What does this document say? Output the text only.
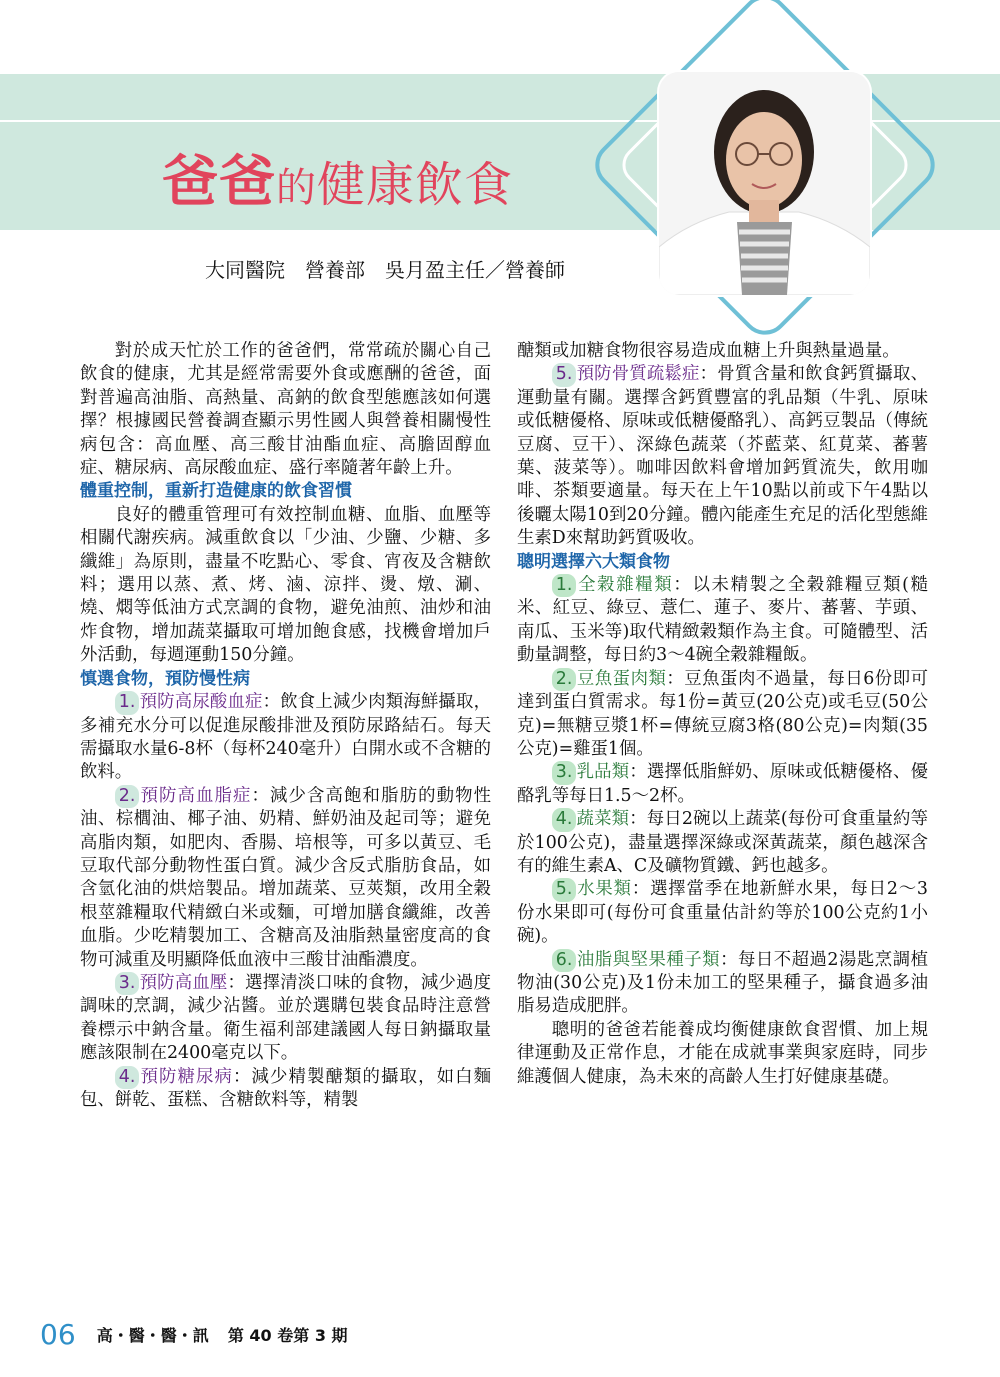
爸爸的健康飲食
大同醫院　營養部　吳月盈主任／營養師

對於成天忙於工作的爸爸們，常常疏於關心自己飲食的健康，尤其是經常需要外食或應酬的爸爸，面對普遍高油脂、高熱量、高鈉的飲食型態應該如何選擇？根據國民營養調查顯示男性國人與營養相關慢性病包含：高血壓、高三酸甘油酯血症、高膽固醇血症、糖尿病、高尿酸血症、盛行率隨著年齡上升。

體重控制，重新打造健康的飲食習慣

良好的體重管理可有效控制血糖、血脂、血壓等相關代謝疾病。減重飲食以「少油、少鹽、少糖、多纖維」為原則，盡量不吃點心、零食、宵夜及含糖飲料；選用以蒸、煮、烤、滷、涼拌、燙、燉、涮、燒、燜等低油方式烹調的食物，避免油煎、油炒和油炸食物，增加蔬菜攝取可增加飽食感，找機會增加戶外活動，每週運動150分鐘。

慎選食物，預防慢性病

1. 預防高尿酸血症：飲食上減少肉類海鮮攝取，多補充水分可以促進尿酸排泄及預防尿路結石。每天需攝取水量6-8杯（每杯240毫升）白開水或不含糖的飲料。

2. 預防高血脂症：減少含高飽和脂肪的動物性油、棕櫚油、椰子油、奶精、鮮奶油及起司等；避免高脂肉類，如肥肉、香腸、培根等，可多以黃豆、毛豆取代部分動物性蛋白質。減少含反式脂肪食品，如含氫化油的烘焙製品。增加蔬菜、豆莢類，改用全穀根莖雜糧取代精緻白米或麵，可增加膳食纖維，改善血脂。少吃精製加工、含糖高及油脂熱量密度高的食物可減重及明顯降低血液中三酸甘油酯濃度。

3. 預防高血壓：選擇清淡口味的食物，減少過度調味的烹調，減少沾醬。並於選購包裝食品時注意營養標示中鈉含量。衛生福利部建議國人每日鈉攝取量應該限制在2400毫克以下。

4. 預防糖尿病：減少精製醣類的攝取，如白麵包、餅乾、蛋糕、含糖飲料等，精製

醣類或加糖食物很容易造成血糖上升與熱量過量。

5. 預防骨質疏鬆症：骨質含量和飲食鈣質攝取、運動量有關。選擇含鈣質豐富的乳品類（牛乳、原味或低糖優格、原味或低糖優酪乳）、高鈣豆製品（傳統豆腐、豆干）、深綠色蔬菜（芥藍菜、紅莧菜、蕃薯葉、菠菜等）。咖啡因飲料會增加鈣質流失，飲用咖啡、茶類要適量。每天在上午10點以前或下午4點以後曬太陽10到20分鐘。體內能產生充足的活化型態維生素D來幫助鈣質吸收。

聰明選擇六大類食物

1. 全穀雜糧類：以未精製之全穀雜糧豆類(糙米、紅豆、綠豆、薏仁、蓮子、麥片、蕃薯、芋頭、南瓜、玉米等)取代精緻穀類作為主食。可隨體型、活動量調整，每日約3～4碗全穀雜糧飯。

2. 豆魚蛋肉類：豆魚蛋肉不過量，每日6份即可達到蛋白質需求。每1份=黃豆(20公克)或毛豆(50公克)=無糖豆漿1杯=傳統豆腐3格(80公克)=肉類(35公克)=雞蛋1個。

3. 乳品類：選擇低脂鮮奶、原味或低糖優格、優酪乳等每日1.5～2杯。

4. 蔬菜類：每日2碗以上蔬菜(每份可食重量約等於100公克)，盡量選擇深綠或深黃蔬菜，顏色越深含有的維生素A、C及礦物質鐵、鈣也越多。

5. 水果類：選擇當季在地新鮮水果，每日2～3份水果即可(每份可食重量估計約等於100公克約1小碗)。

6. 油脂與堅果種子類：每日不超過2湯匙烹調植物油(30公克)及1份未加工的堅果種子，攝食過多油脂易造成肥胖。

聰明的爸爸若能養成均衡健康飲食習慣、加上規律運動及正常作息，才能在成就事業與家庭時，同步維護個人健康，為未來的高齡人生打好健康基礎。

06 高・醫・醫・訊 第 40 卷第 3 期
